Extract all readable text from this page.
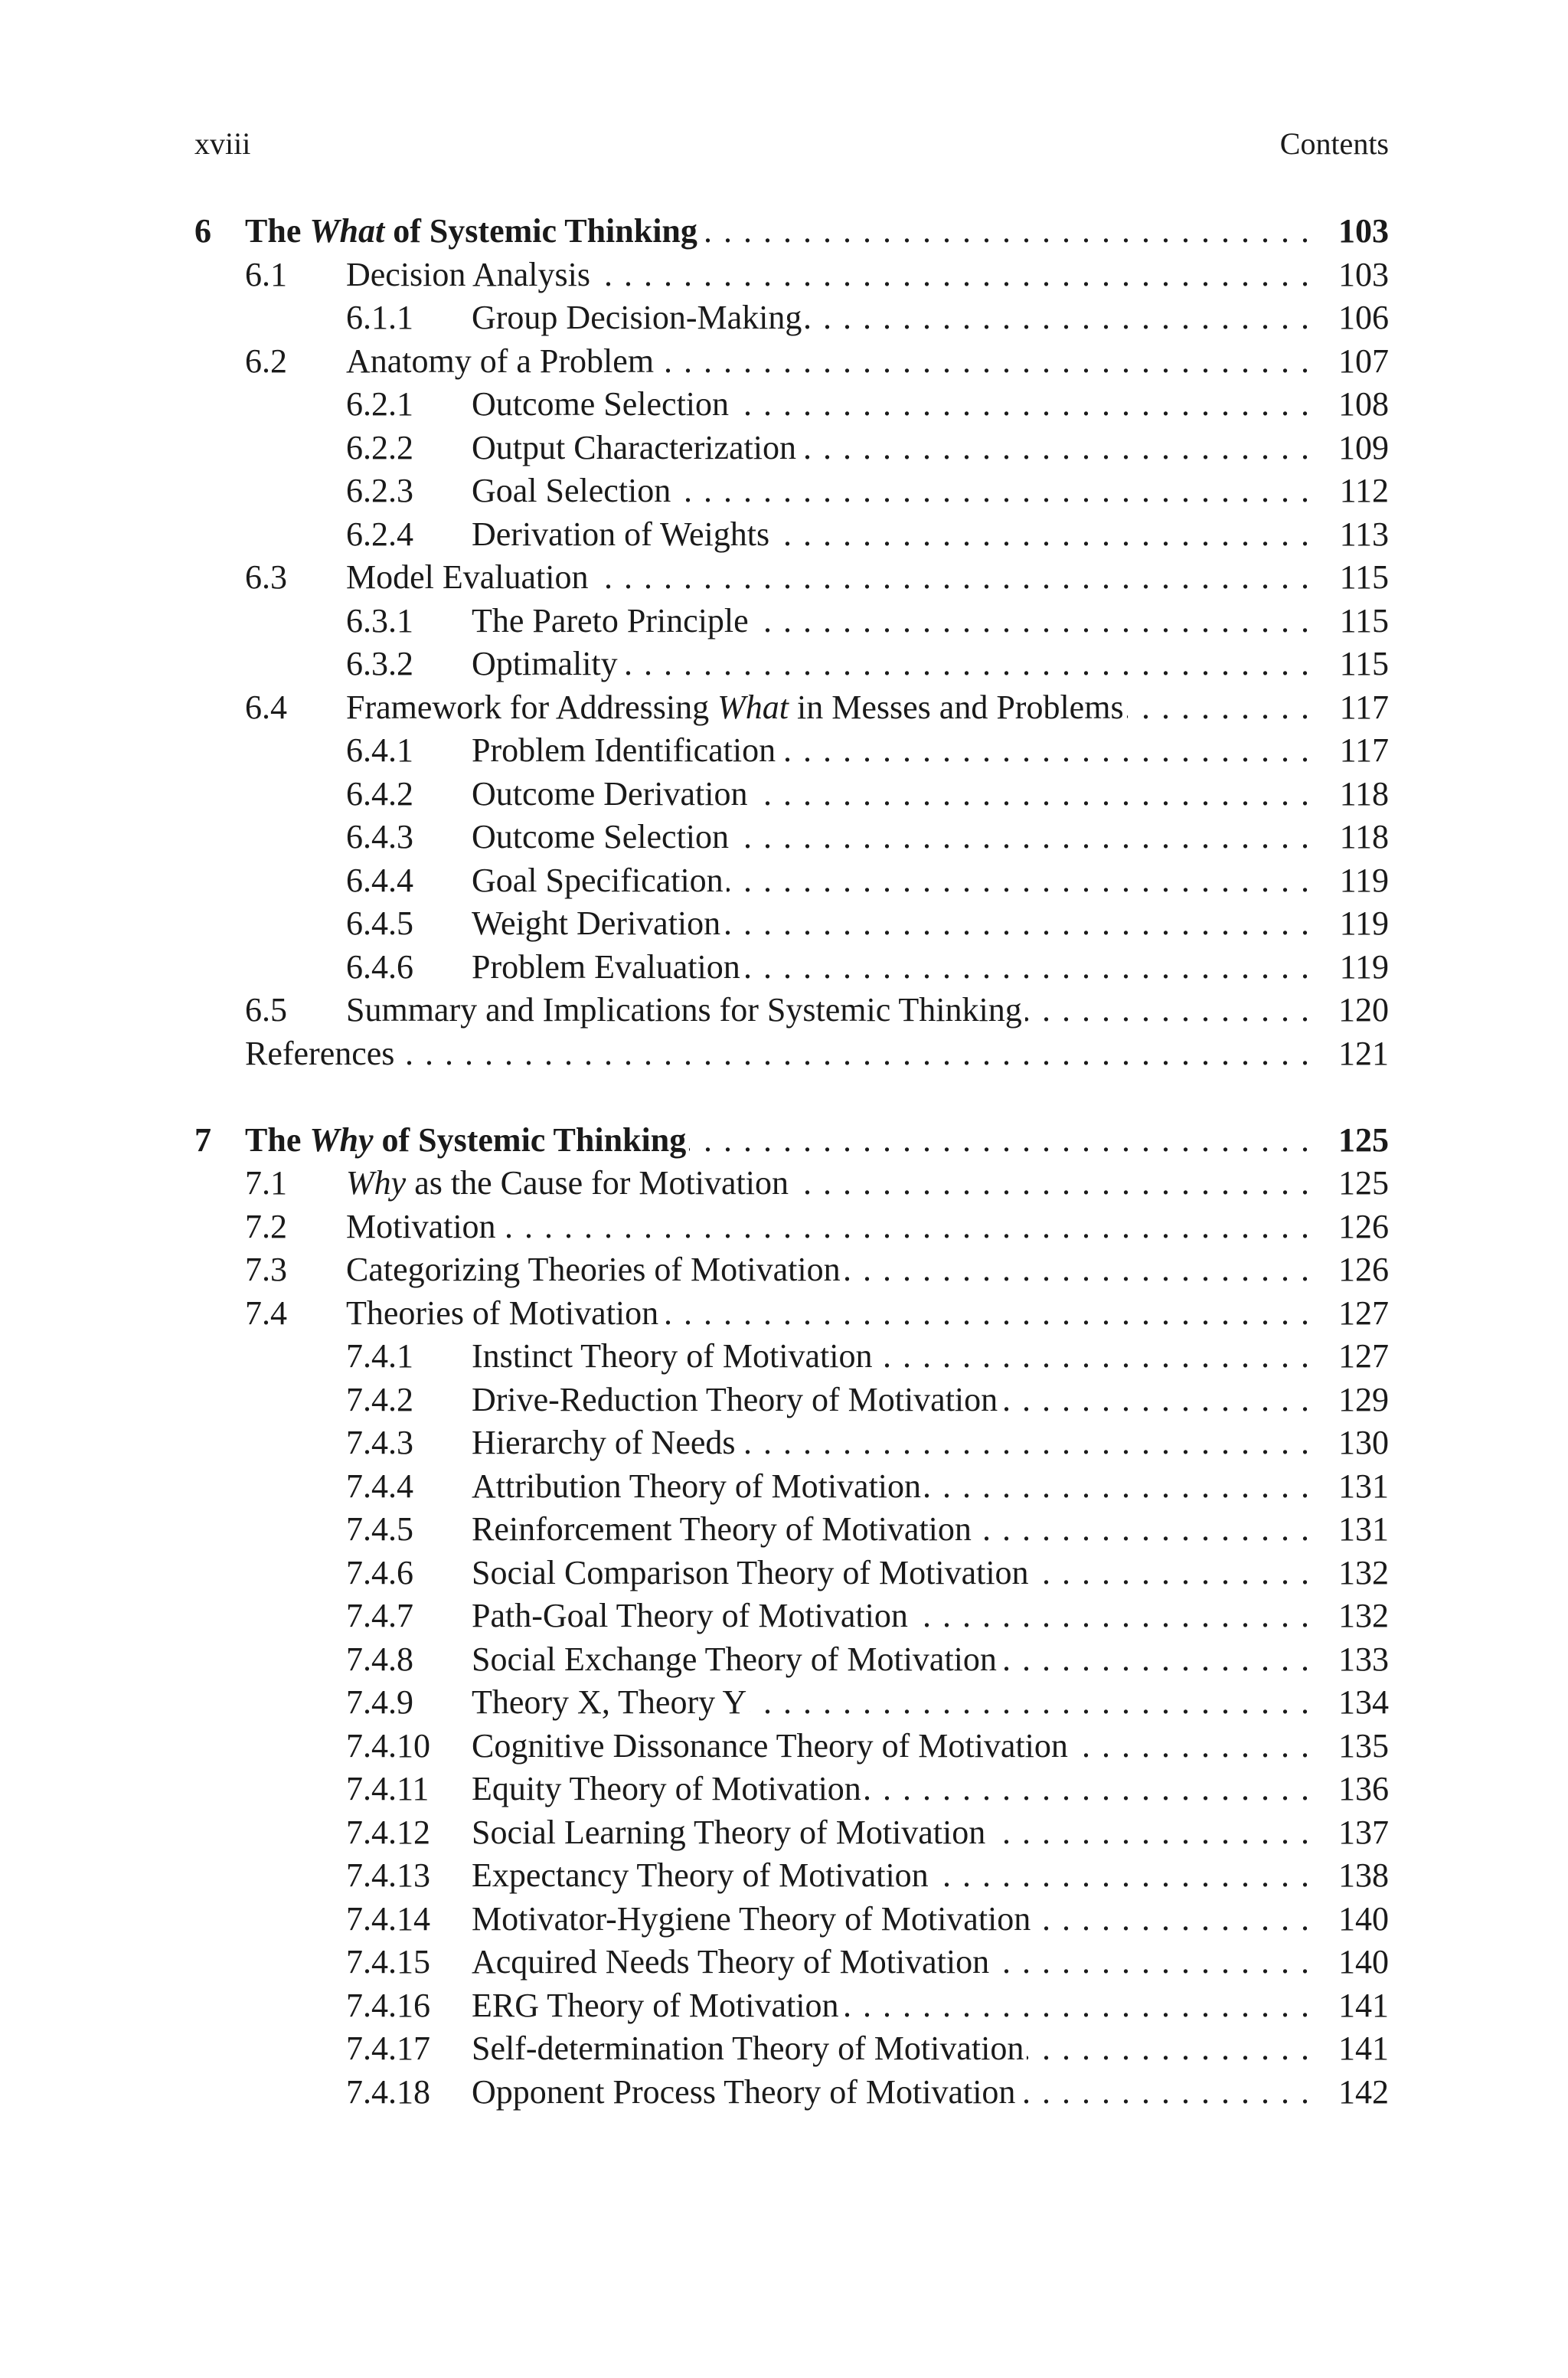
xviii	Contents
6 The What of Systemic Thinking . . .	103
6.1 Decision Analysis . . .	103
6.1.1 Group Decision-Making . . .	106
6.2 Anatomy of a Problem . . .	107
6.2.1 Outcome Selection . . .	108
6.2.2 Output Characterization . . .	109
6.2.3 Goal Selection . . .	112
6.2.4 Derivation of Weights . . .	113
6.3 Model Evaluation . . .	115
6.3.1 The Pareto Principle . . .	115
6.3.2 Optimality . . .	115
6.4 Framework for Addressing What in Messes and Problems . . .	117
6.4.1 Problem Identification . . .	117
6.4.2 Outcome Derivation . . .	118
6.4.3 Outcome Selection . . .	118
6.4.4 Goal Specification . . .	119
6.4.5 Weight Derivation . . .	119
6.4.6 Problem Evaluation . . .	119
6.5 Summary and Implications for Systemic Thinking . . .	120
References . . .	121
7 The Why of Systemic Thinking . . .	125
7.1 Why as the Cause for Motivation . . .	125
7.2 Motivation . . .	126
7.3 Categorizing Theories of Motivation . . .	126
7.4 Theories of Motivation . . .	127
7.4.1 Instinct Theory of Motivation . . .	127
7.4.2 Drive-Reduction Theory of Motivation . . .	129
7.4.3 Hierarchy of Needs . . .	130
7.4.4 Attribution Theory of Motivation . . .	131
7.4.5 Reinforcement Theory of Motivation . . .	131
7.4.6 Social Comparison Theory of Motivation . . .	132
7.4.7 Path-Goal Theory of Motivation . . .	132
7.4.8 Social Exchange Theory of Motivation . . .	133
7.4.9 Theory X, Theory Y . . .	134
7.4.10 Cognitive Dissonance Theory of Motivation . . .	135
7.4.11 Equity Theory of Motivation . . .	136
7.4.12 Social Learning Theory of Motivation . . .	137
7.4.13 Expectancy Theory of Motivation . . .	138
7.4.14 Motivator-Hygiene Theory of Motivation . . .	140
7.4.15 Acquired Needs Theory of Motivation . . .	140
7.4.16 ERG Theory of Motivation . . .	141
7.4.17 Self-determination Theory of Motivation . . .	141
7.4.18 Opponent Process Theory of Motivation . . .	142
